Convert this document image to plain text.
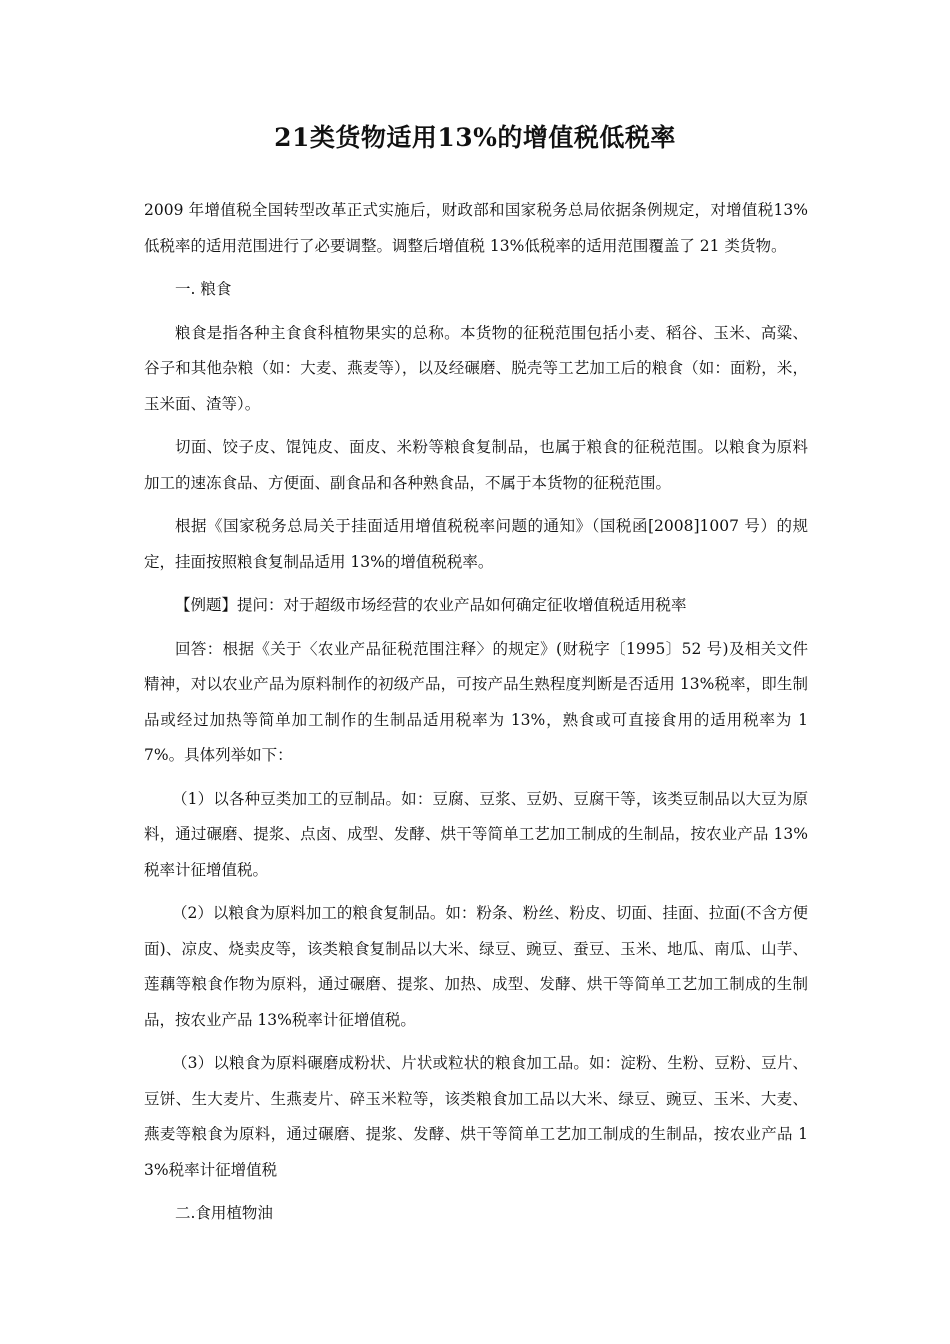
21类货物适用13%的增值税低税率

2009 年增值税全国转型改革正式实施后，财政部和国家税务总局依据条例规定，对增值税13%低税率的适用范围进行了必要调整。调整后增值税 13%低税率的适用范围覆盖了 21 类货物。

一. 粮食

粮食是指各种主食食科植物果实的总称。本货物的征税范围包括小麦、稻谷、玉米、高粱、谷子和其他杂粮（如：大麦、燕麦等），以及经碾磨、脱壳等工艺加工后的粮食（如：面粉，米，玉米面、渣等）。

切面、饺子皮、馄饨皮、面皮、米粉等粮食复制品，也属于粮食的征税范围。以粮食为原料加工的速冻食品、方便面、副食品和各种熟食品，不属于本货物的征税范围。

根据《国家税务总局关于挂面适用增值税税率问题的通知》（国税函[2008]1007 号）的规定，挂面按照粮食复制品适用 13%的增值税税率。

【例题】提问：对于超级市场经营的农业产品如何确定征收增值税适用税率

回答：根据《关于〈农业产品征税范围注释〉的规定》(财税字〔1995〕52 号)及相关文件精神，对以农业产品为原料制作的初级产品，可按产品生熟程度判断是否适用 13%税率，即生制品或经过加热等简单加工制作的生制品适用税率为 13%，熟食或可直接食用的适用税率为 17%。具体列举如下：

（1）以各种豆类加工的豆制品。如：豆腐、豆浆、豆奶、豆腐干等，该类豆制品以大豆为原料，通过碾磨、提浆、点卤、成型、发酵、烘干等简单工艺加工制成的生制品，按农业产品 13%税率计征增值税。

（2）以粮食为原料加工的粮食复制品。如：粉条、粉丝、粉皮、切面、挂面、拉面(不含方便面)、凉皮、烧卖皮等，该类粮食复制品以大米、绿豆、豌豆、蚕豆、玉米、地瓜、南瓜、山芋、莲藕等粮食作物为原料，通过碾磨、提浆、加热、成型、发酵、烘干等简单工艺加工制成的生制品，按农业产品 13%税率计征增值税。

（3）以粮食为原料碾磨成粉状、片状或粒状的粮食加工品。如：淀粉、生粉、豆粉、豆片、豆饼、生大麦片、生燕麦片、碎玉米粒等，该类粮食加工品以大米、绿豆、豌豆、玉米、大麦、燕麦等粮食为原料，通过碾磨、提浆、发酵、烘干等简单工艺加工制成的生制品，按农业产品 13%税率计征增值税

二.食用植物油
